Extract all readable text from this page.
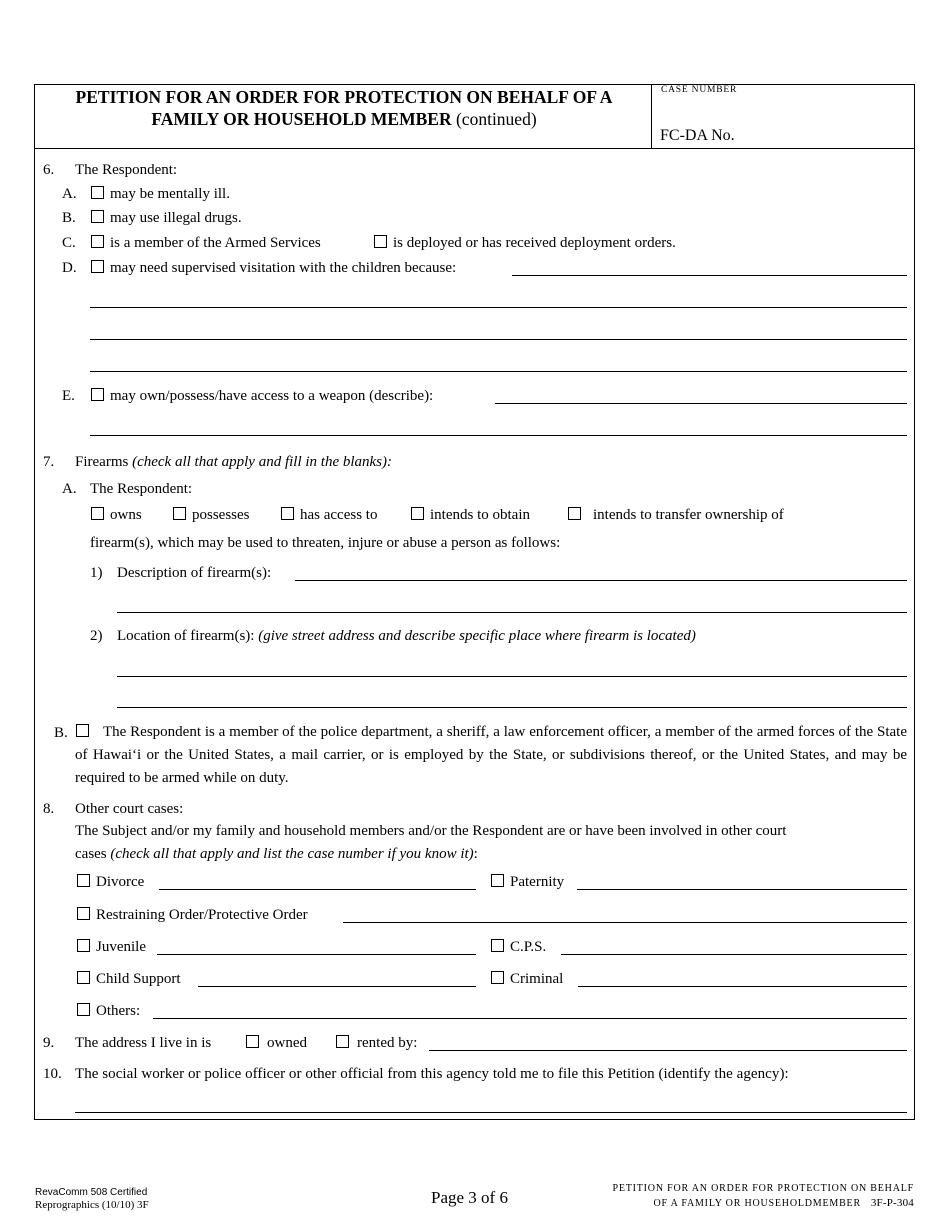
PETITION FOR AN ORDER FOR PROTECTION ON BEHALF OF A FAMILY OR HOUSEHOLD MEMBER (continued)
CASE NUMBER
FC-DA No.
6. The Respondent:
A.	may be mentally ill.
B.	may use illegal drugs.
C.	is a member of the Armed Services	is deployed or has received deployment orders.
D.	may need supervised visitation with the children because:
E.	may own/possess/have access to a weapon (describe):
7. Firearms (check all that apply and fill in the blanks):
A. The Respondent:
owns	possesses	has access to	intends to obtain	intends to transfer ownership of
firearm(s), which may be used to threaten, injure or abuse a person as follows:
1) Description of firearm(s):
2) Location of firearm(s): (give street address and describe specific place where firearm is located)
B.	The Respondent is a member of the police department, a sheriff, a law enforcement officer, a member of the armed forces of the State of Hawaiʻi or the United States, a mail carrier, or is employed by the State, or subdivisions thereof, or the United States, and may be required to be armed while on duty.
8. Other court cases:
The Subject and/or my family and household members and/or the Respondent are or have been involved in other court
cases (check all that apply and list the case number if you know it):
Divorce	Paternity
Restraining Order/Protective Order
Juvenile	C.P.S.
Child Support	Criminal
Others:
9. The address I live in is	owned	rented by:
10. The social worker or police officer or other official from this agency told me to file this Petition (identify the agency):
RevaComm 508 Certified
Reprographics (10/10) 3F	Page 3 of 6	PETITION FOR AN ORDER FOR PROTECTION ON BEHALF
OF A FAMILY OR HOUSEHOLDMEMBER 3F-P-304
